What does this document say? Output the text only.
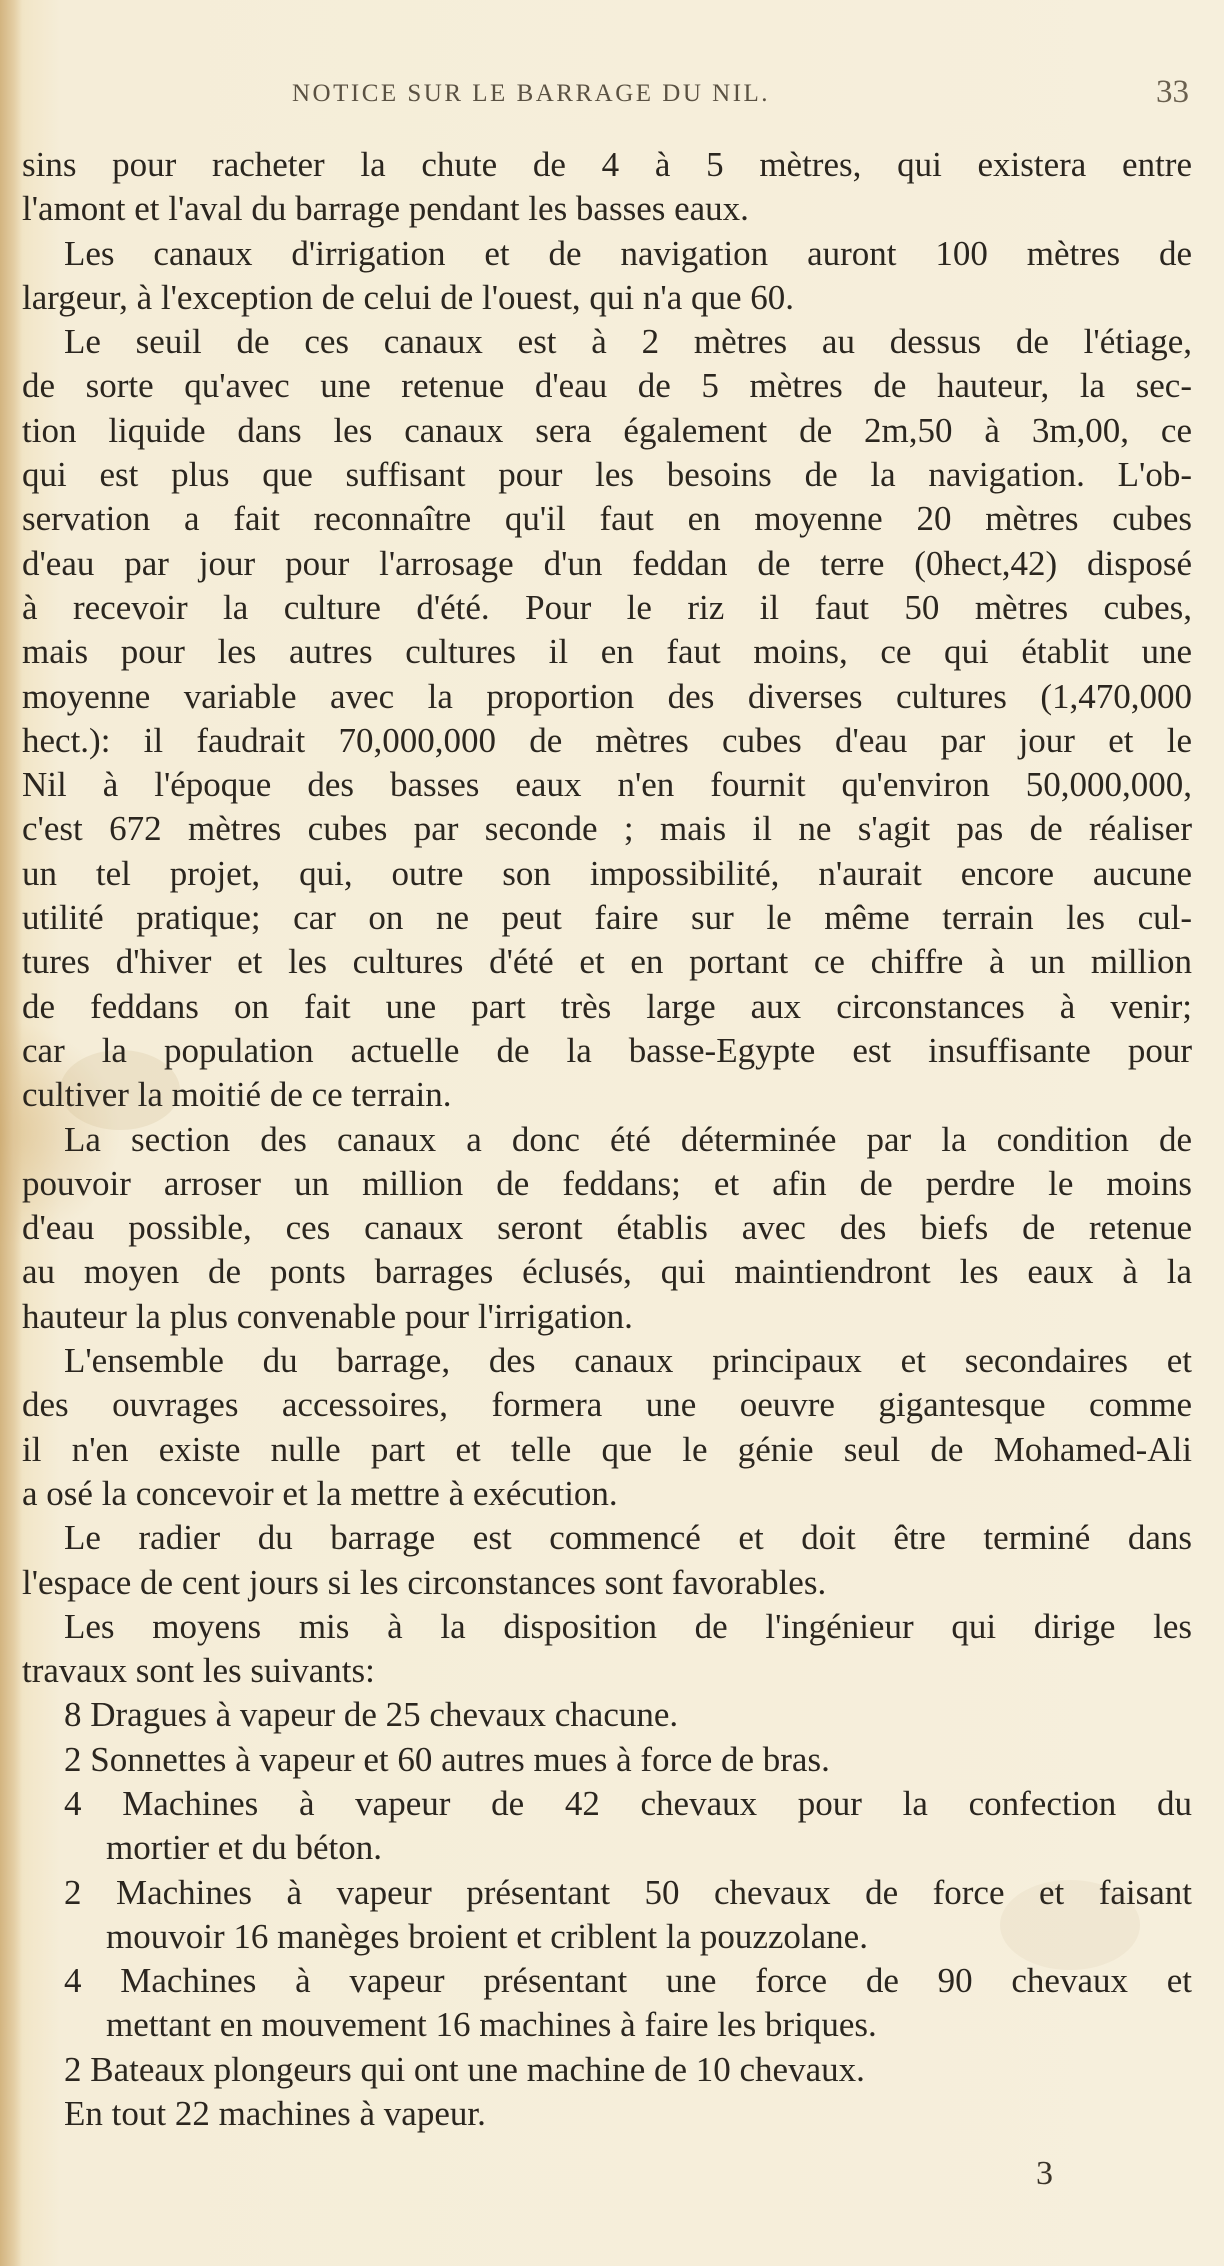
NOTICE SUR LE BARRAGE DU NIL.	33
sins pour racheter la chute de 4 à 5 mètres, qui existera entre
l'amont et l'aval du barrage pendant les basses eaux.
Les canaux d'irrigation et de navigation auront 100 mètres de
largeur, à l'exception de celui de l'ouest, qui n'a que 60.
Le seuil de ces canaux est à 2 mètres au dessus de l'étiage,
de sorte qu'avec une retenue d'eau de 5 mètres de hauteur, la sec-
tion liquide dans les canaux sera également de 2m,50 à 3m,00, ce
qui est plus que suffisant pour les besoins de la navigation. L'ob-
servation a fait reconnaître qu'il faut en moyenne 20 mètres cubes
d'eau par jour pour l'arrosage d'un feddan de terre (0hect,42) disposé
à recevoir la culture d'été. Pour le riz il faut 50 mètres cubes,
mais pour les autres cultures il en faut moins, ce qui établit une
moyenne variable avec la proportion des diverses cultures (1,470,000
hect.): il faudrait 70,000,000 de mètres cubes d'eau par jour et le
Nil à l'époque des basses eaux n'en fournit qu'environ 50,000,000,
c'est 672 mètres cubes par seconde ; mais il ne s'agit pas de réaliser
un tel projet, qui, outre son impossibilité, n'aurait encore aucune
utilité pratique; car on ne peut faire sur le même terrain les cul-
tures d'hiver et les cultures d'été et en portant ce chiffre à un million
de feddans on fait une part très large aux circonstances à venir;
car la population actuelle de la basse-Egypte est insuffisante pour
cultiver la moitié de ce terrain.
La section des canaux a donc été déterminée par la condition de
pouvoir arroser un million de feddans; et afin de perdre le moins
d'eau possible, ces canaux seront établis avec des biefs de retenue
au moyen de ponts barrages éclusés, qui maintiendront les eaux à la
hauteur la plus convenable pour l'irrigation.
L'ensemble du barrage, des canaux principaux et secondaires et
des ouvrages accessoires, formera une oeuvre gigantesque comme
il n'en existe nulle part et telle que le génie seul de Mohamed-Ali
a osé la concevoir et la mettre à exécution.
Le radier du barrage est commencé et doit être terminé dans
l'espace de cent jours si les circonstances sont favorables.
Les moyens mis à la disposition de l'ingénieur qui dirige les
travaux sont les suivants:
8 Dragues à vapeur de 25 chevaux chacune.
2 Sonnettes à vapeur et 60 autres mues à force de bras.
4 Machines à vapeur de 42 chevaux pour la confection du
mortier et du béton.
2 Machines à vapeur présentant 50 chevaux de force et faisant
mouvoir 16 manèges broient et criblent la pouzzolane.
4 Machines à vapeur présentant une force de 90 chevaux et
mettant en mouvement 16 machines à faire les briques.
2 Bateaux plongeurs qui ont une machine de 10 chevaux.
En tout 22 machines à vapeur.
3
